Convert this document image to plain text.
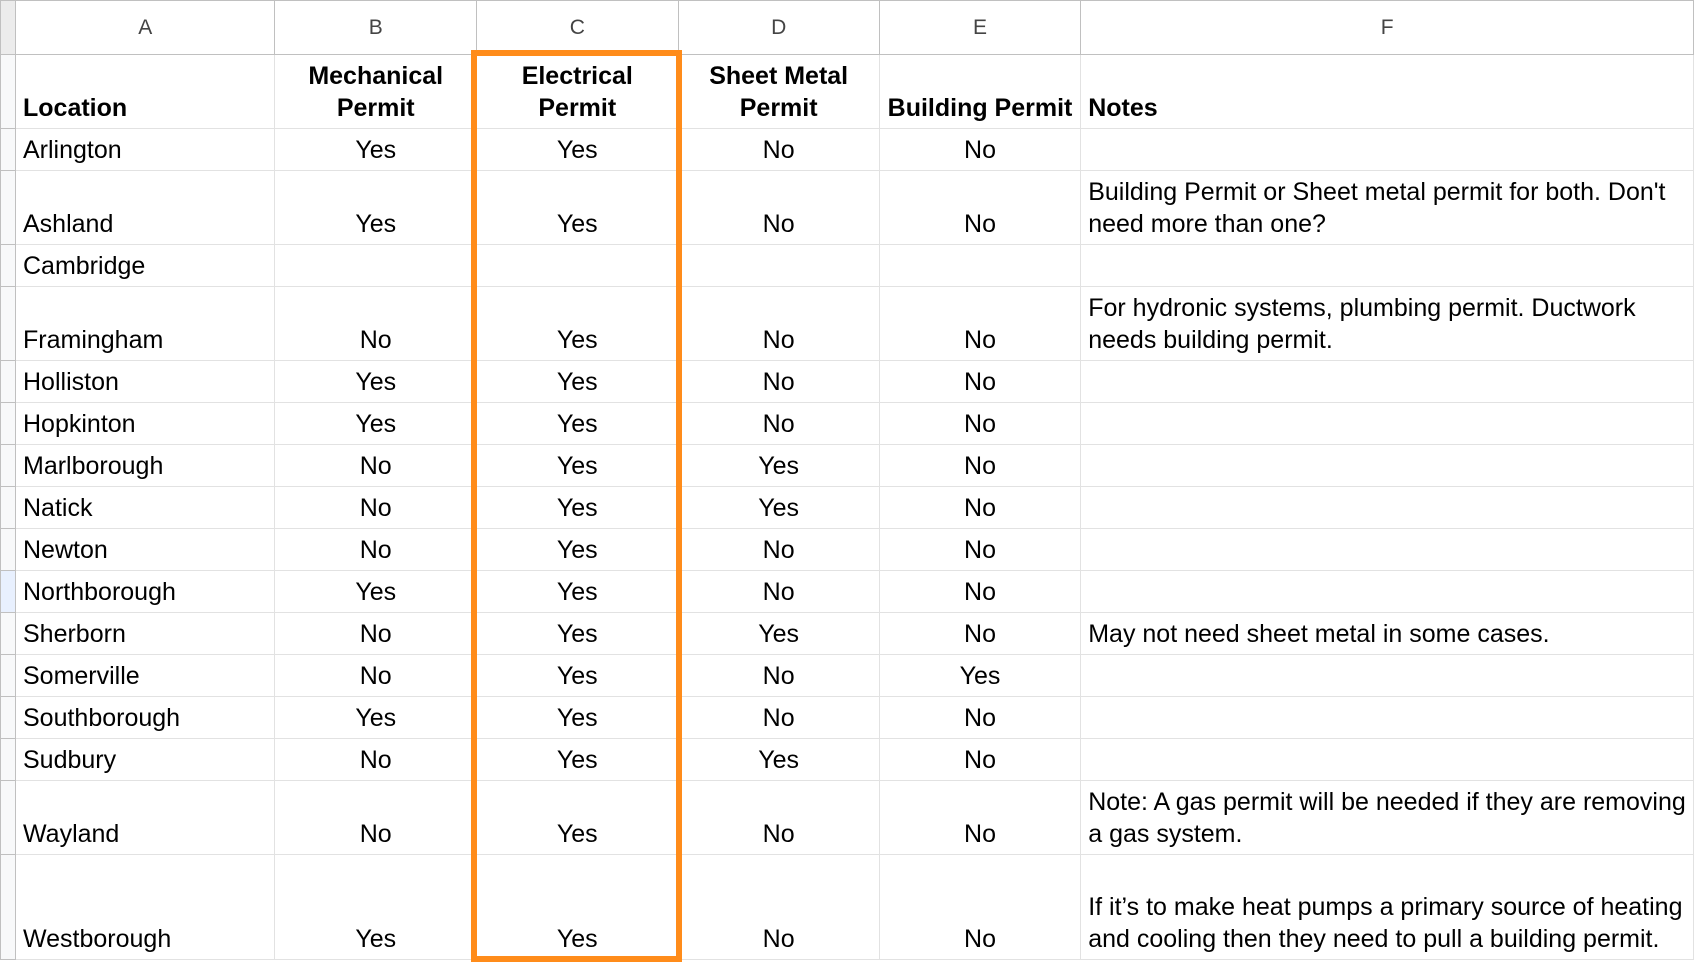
	A	B	C	D	E	F
	Location	Mechanical Permit	Electrical Permit	Sheet Metal Permit	Building Permit	Notes
	Arlington	Yes	Yes	No	No	
	Ashland	Yes	Yes	No	No	Building Permit or Sheet metal permit for both. Don't need more than one?
	Cambridge					
	Framingham	No	Yes	No	No	For hydronic systems, plumbing permit. Ductwork needs building permit.
	Holliston	Yes	Yes	No	No	
	Hopkinton	Yes	Yes	No	No	
	Marlborough	No	Yes	Yes	No	
	Natick	No	Yes	Yes	No	
	Newton	No	Yes	No	No	
	Northborough	Yes	Yes	No	No	
	Sherborn	No	Yes	Yes	No	May not need sheet metal in some cases.
	Somerville	No	Yes	No	Yes	
	Southborough	Yes	Yes	No	No	
	Sudbury	No	Yes	Yes	No	
	Wayland	No	Yes	No	No	Note: A gas permit will be needed if they are removing a gas system.
	Westborough	Yes	Yes	No	No	If it’s to make heat pumps a primary source of heating and cooling then they need to pull a building permit.
